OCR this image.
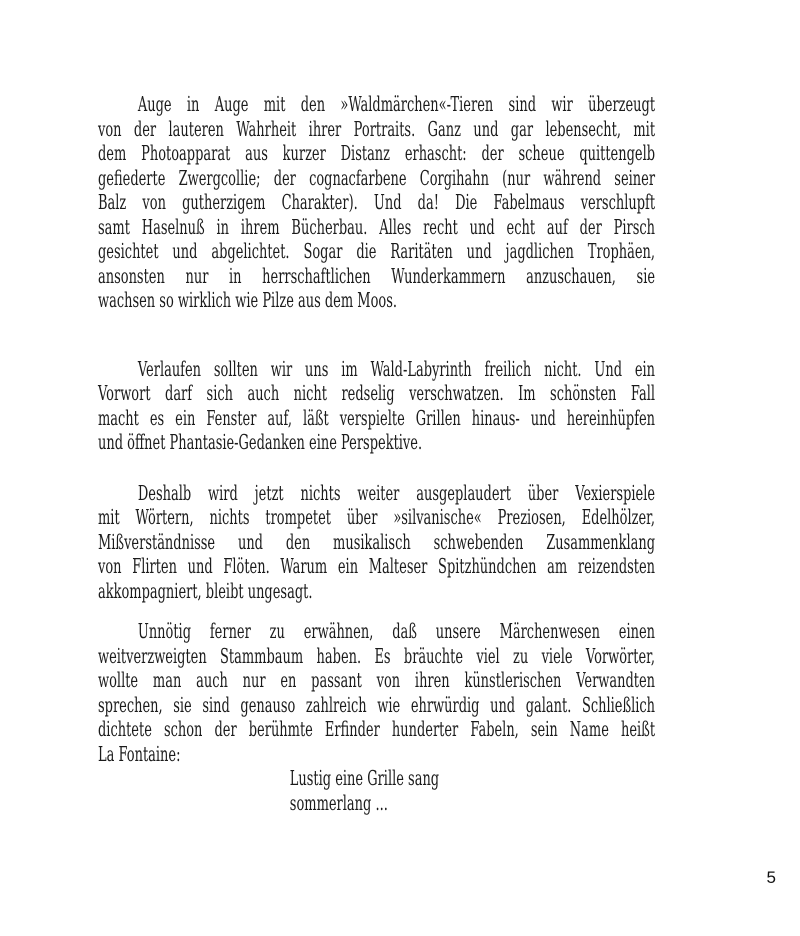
Auge in Auge mit den »Waldmärchen«-Tieren sind wir überzeugt
von der lauteren Wahrheit ihrer Portraits. Ganz und gar lebensecht, mit
dem Photoapparat aus kurzer Distanz erhascht: der scheue quittengelb
gefiederte Zwergcollie; der cognacfarbene Corgihahn (nur während seiner
Balz von gutherzigem Charakter). Und da! Die Fabelmaus verschlupft
samt Haselnuß in ihrem Bücherbau. Alles recht und echt auf der Pirsch
gesichtet und abgelichtet. Sogar die Raritäten und jagdlichen Trophäen,
ansonsten nur in herrschaftlichen Wunderkammern anzuschauen, sie
wachsen so wirklich wie Pilze aus dem Moos.
Verlaufen sollten wir uns im Wald-Labyrinth freilich nicht. Und ein
Vorwort darf sich auch nicht redselig verschwatzen. Im schönsten Fall
macht es ein Fenster auf, läßt verspielte Grillen hinaus- und hereinhüpfen
und öffnet Phantasie-Gedanken eine Perspektive.
Deshalb wird jetzt nichts weiter ausgeplaudert über Vexierspiele
mit Wörtern, nichts trompetet über »silvanische« Preziosen, Edelhölzer,
Mißverständnisse und den musikalisch schwebenden Zusammenklang
von Flirten und Flöten. Warum ein Malteser Spitzhündchen am reizendsten
akkompagniert, bleibt ungesagt.
Unnötig ferner zu erwähnen, daß unsere Märchenwesen einen
weitverzweigten Stammbaum haben. Es bräuchte viel zu viele Vorwörter,
wollte man auch nur en passant von ihren künstlerischen Verwandten
sprechen, sie sind genauso zahlreich wie ehrwürdig und galant. Schließlich
dichtete schon der berühmte Erfinder hunderter Fabeln, sein Name heißt
La Fontaine:
Lustig eine Grille sang
sommerlang ...
5
